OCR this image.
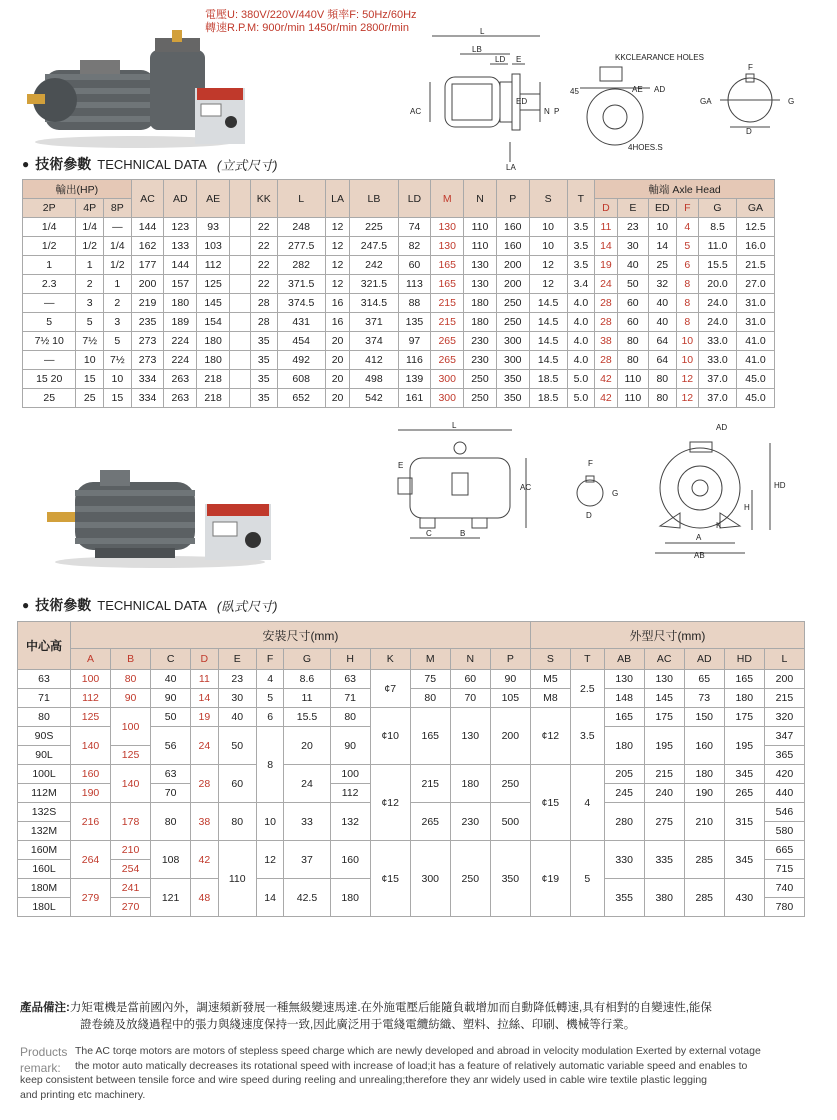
電壓U: 380V/220V/440V 頻率F: 50Hz/60Hz
轉速R.P.M: 900r/min 1450r/min 2800r/min	L
LB
LD E	KKCLEARANCE HOLES
45	AE AD
AC
ED
N P
4HOES.S
LA
F
GA	G
D
● 技術參數 TECHNICAL DATA (立式尺寸)
輸出(HP)			AC	AD	AE		KK	L	LA	LB	LD	M	N	P	S	T	軸端 Axle Head					
2P	4P	8P															D	E	ED	F	G	GA
1/4	1/4	—	144	123	93		22	248	12	225	74	130	110	160	10	3.5	11	23	10	4	8.5	12.5
1/2	1/2	1/4	162	133	103		22	277.5	12	247.5	82	130	110	160	10	3.5	14	30	14	5	11.0	16.0
1	1	1/2	177	144	112		22	282	12	242	60	165	130	200	12	3.5	19	40	25	6	15.5	21.5
2.3	2	1	200	157	125		22	371.5	12	321.5	113	165	130	200	12	3.4	24	50	32	8	20.0	27.0
—	3	2	219	180	145		28	374.5	16	314.5	88	215	180	250	14.5	4.0	28	60	40	8	24.0	31.0
5	5	3	235	189	154		28	431	16	371	135	215	180	250	14.5	4.0	28	60	40	8	24.0	31.0
7½ 10	7½	5	273	224	180		35	454	20	374	97	265	230	300	14.5	4.0	38	80	64	10	33.0	41.0
—	10	7½	273	224	180		35	492	20	412	116	265	230	300	14.5	4.0	28	80	64	10	33.0	41.0
15 20	15	10	334	263	218		35	608	20	498	139	300	250	350	18.5	5.0	42	110	80	12	37.0	45.0
25	25	15	334	263	218		35	652	20	542	161	300	250	350	18.5	5.0	42	110	80	12	37.0	45.0
L
E
AC
C	B
F
G
D
AD
HD
H
K
A
AB
● 技術參數 TECHNICAL DATA (臥式尺寸)
中心高	安裝尺寸(mm)												外型尺寸(mm)						
	A	B	C	D	E	F	G	H	K	M	N	P	S	T	AB	AC	AD	HD	L
63	100	80	40	11	23	4	8.6	63	¢7	75	60	90	M5	2.5	130	130	65	165	200
71	112	90	90	14	30	5	11	71		80	70	105	M8		148	145	73	180	215
80	125	100	50	19	40	6	15.5	80	¢10	165	130	200	¢12	3.5	165	175	150	175	320
90S	140		56	24	50	8	20	90							180	195	160	195	347
90L		125																	365
100L	160	140	63	28	60		24	100	¢12	215	180	250	¢15	4	205	215	180	345	420
112M	190		70					112							245	240	190	265	440
132S	216	178	80	38	80	10	33	132		265	230	500			280	275	210	315	546
132M																			580
160M	264	210	108	42	110	12	37	160	¢15	300	250	350	¢19	5	330	335	285	345	665
160L		254																	715
180M	279	241	121	48		14	42.5	180							355	380	285	430	740
180L		270																	780
產品備注:力矩電機是當前國內外，調速頻新發展一種無級變速馬達.在外施電壓后能隨負載增加而自動降低轉速,具有相對的自變速性,能保
證卷繞及放綫過程中的張力與綫速度保持一致,因此廣泛用于電綫電纜紡織、塑料、拉絲、印刷、機械等行業。
Products
remark:
The AC torqe motors are motors of stepless speed charge which are newly developed and abroad in velocity modulation Exerted by external votage
the motor auto matically decreases its rotational speed with increase of load;it has a feature of relatively automatic variable speed and enables to
keep consistent between tensile force and wire speed during reeling and unrealing;therefore they anr widely used in cable wire textile plastic legging
and printing etc machinery.
